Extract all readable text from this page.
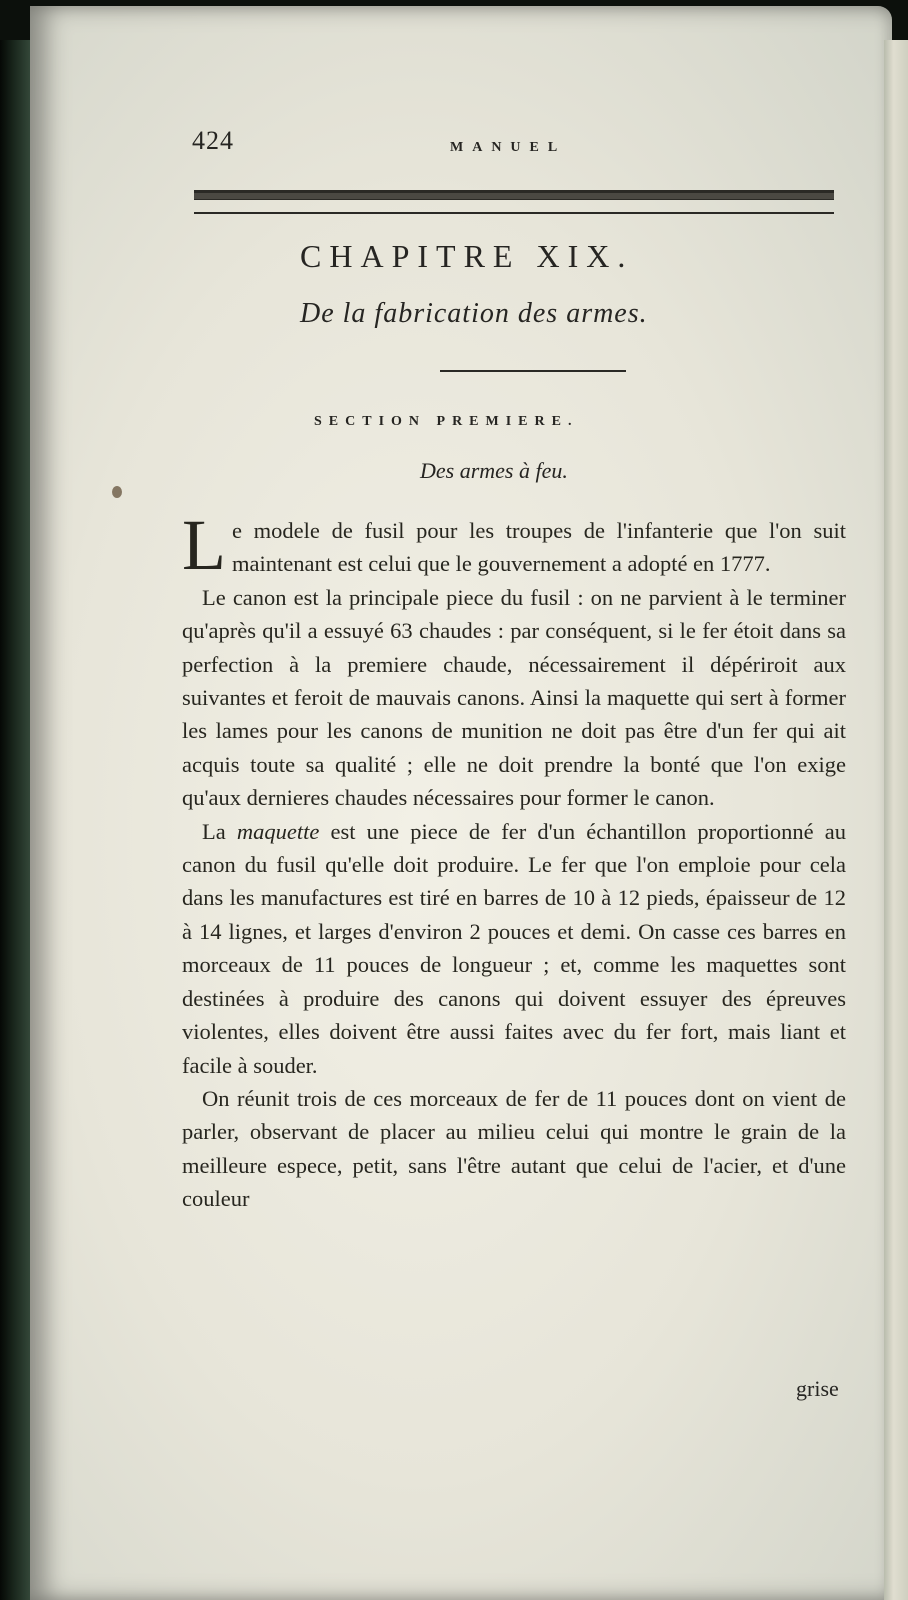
424	MANUEL
CHAPITRE XIX.
De la fabrication des armes.
SECTION PREMIERE.
Des armes à feu.

Le modele de fusil pour les troupes de l'infanterie que l'on suit maintenant est celui que le gouvernement a adopté en 1777.

Le canon est la principale piece du fusil : on ne parvient à le terminer qu'après qu'il a essuyé 63 chaudes : par conséquent, si le fer étoit dans sa perfection à la premiere chaude, nécessairement il dépériroit aux suivantes et feroit de mauvais canons. Ainsi la maquette qui sert à former les lames pour les canons de munition ne doit pas être d'un fer qui ait acquis toute sa qualité ; elle ne doit prendre la bonté que l'on exige qu'aux dernieres chaudes nécessaires pour former le canon.

La maquette est une piece de fer d'un échantillon proportionné au canon du fusil qu'elle doit produire. Le fer que l'on emploie pour cela dans les manufactures est tiré en barres de 10 à 12 pieds, épaisseur de 12 à 14 lignes, et larges d'environ 2 pouces et demi. On casse ces barres en morceaux de 11 pouces de longueur ; et, comme les maquettes sont destinées à produire des canons qui doivent essuyer des épreuves violentes, elles doivent être aussi faites avec du fer fort, mais liant et facile à souder.

On réunit trois de ces morceaux de fer de 11 pouces dont on vient de parler, observant de placer au milieu celui qui montre le grain de la meilleure espece, petit, sans l'être autant que celui de l'acier, et d'une couleur

grise
